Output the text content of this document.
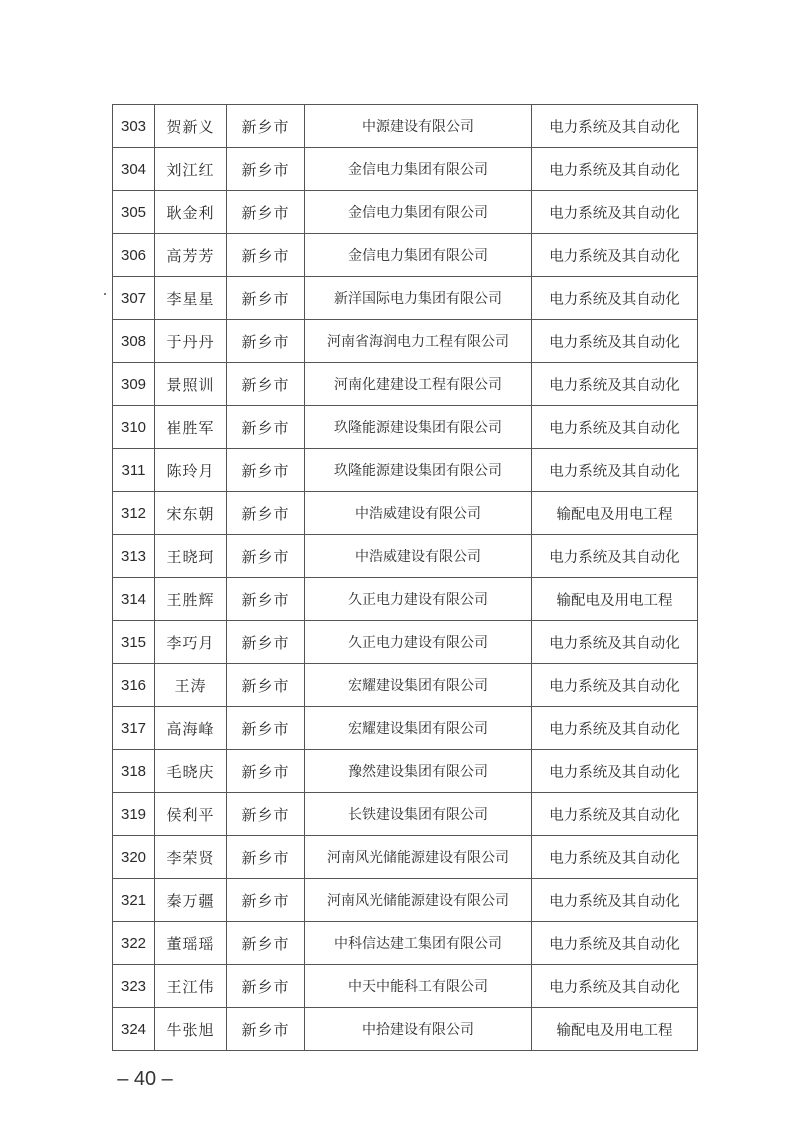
303	贺新义	新乡市	中源建设有限公司	电力系统及其自动化
304	刘江红	新乡市	金信电力集团有限公司	电力系统及其自动化
305	耿金利	新乡市	金信电力集团有限公司	电力系统及其自动化
306	高芳芳	新乡市	金信电力集团有限公司	电力系统及其自动化
307	李星星	新乡市	新洋国际电力集团有限公司	电力系统及其自动化
308	于丹丹	新乡市	河南省海润电力工程有限公司	电力系统及其自动化
309	景照训	新乡市	河南化建建设工程有限公司	电力系统及其自动化
310	崔胜军	新乡市	玖隆能源建设集团有限公司	电力系统及其自动化
311	陈玲月	新乡市	玖隆能源建设集团有限公司	电力系统及其自动化
312	宋东朝	新乡市	中浩威建设有限公司	输配电及用电工程
313	王晓珂	新乡市	中浩威建设有限公司	电力系统及其自动化
314	王胜辉	新乡市	久正电力建设有限公司	输配电及用电工程
315	李巧月	新乡市	久正电力建设有限公司	电力系统及其自动化
316	王涛	新乡市	宏耀建设集团有限公司	电力系统及其自动化
317	高海峰	新乡市	宏耀建设集团有限公司	电力系统及其自动化
318	毛晓庆	新乡市	豫然建设集团有限公司	电力系统及其自动化
319	侯利平	新乡市	长铁建设集团有限公司	电力系统及其自动化
320	李荣贤	新乡市	河南风光储能源建设有限公司	电力系统及其自动化
321	秦万疆	新乡市	河南风光储能源建设有限公司	电力系统及其自动化
322	董瑶瑶	新乡市	中科信达建工集团有限公司	电力系统及其自动化
323	王江伟	新乡市	中天中能科工有限公司	电力系统及其自动化
324	牛张旭	新乡市	中拾建设有限公司	输配电及用电工程
– 40 –
